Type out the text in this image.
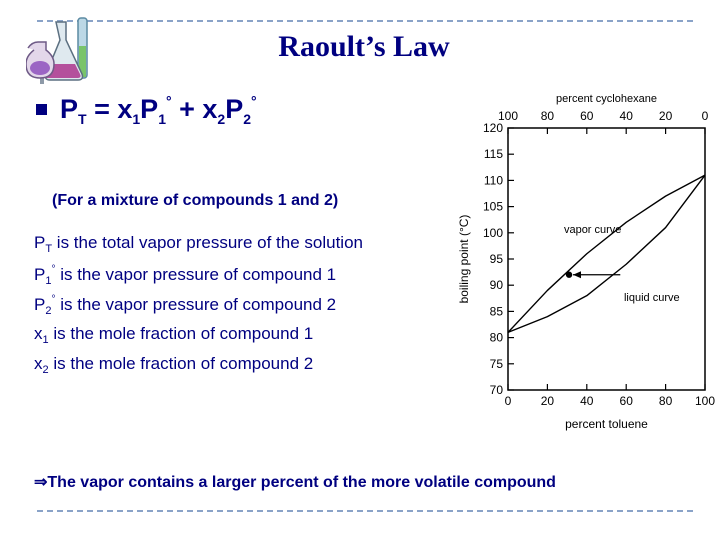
Raoult’s Law
$P_T = x_1P_1^\circ + x_2P_2^\circ$
(For a mixture of compounds 1 and 2)
$P_T$ is the total vapor pressure of the solution
$P_1^\circ$ is the vapor pressure of compound 1
$P_2^\circ$ is the vapor pressure of compound 2
$x_1$ is the mole fraction of compound 1
$x_2$ is the mole fraction of compound 2
⇒The vapor contains a larger percent of the more volatile compound
70
75
80
85
90
95
100
105
110
115
120
0 20 40 60 80 100
100 80 60 40 20 0
percent cyclohexane
percent toluene
boiling point (°C)	vapor curve
liquid curve
